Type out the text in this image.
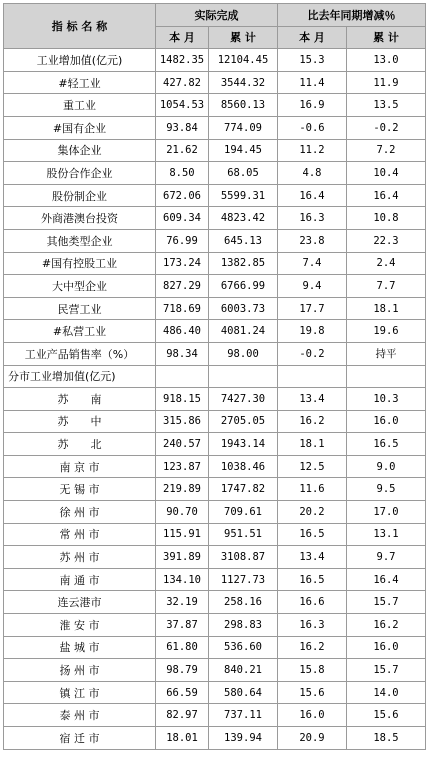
指 标 名 称	实际完成		比去年同期增减％	
	本 月	累 计	本 月	累 计
工业增加值(亿元)	1482.35	12104.45	15.3	13.0
#轻工业	427.82	3544.32	11.4	11.9
重工业	1054.53	8560.13	16.9	13.5
#国有企业	93.84	774.09	-0.6	-0.2
集体企业	21.62	194.45	11.2	7.2
股份合作企业	8.50	68.05	4.8	10.4
股份制企业	672.06	5599.31	16.4	16.4
外商港澳台投资	609.34	4823.42	16.3	10.8
其他类型企业	76.99	645.13	23.8	22.3
#国有控股工业	173.24	1382.85	7.4	2.4
大中型企业	827.29	6766.99	9.4	7.7
民营工业	718.69	6003.73	17.7	18.1
#私营工业	486.40	4081.24	19.8	19.6
工业产品销售率（%）	98.34	98.00	-0.2	持平
分市工业增加值(亿元)				
苏　　南	918.15	7427.30	13.4	10.3
苏　　中	315.86	2705.05	16.2	16.0
苏　　北	240.57	1943.14	18.1	16.5
南 京 市	123.87	1038.46	12.5	9.0
无 锡 市	219.89	1747.82	11.6	9.5
徐 州 市	90.70	709.61	20.2	17.0
常 州 市	115.91	951.51	16.5	13.1
苏 州 市	391.89	3108.87	13.4	9.7
南 通 市	134.10	1127.73	16.5	16.4
连云港市	32.19	258.16	16.6	15.7
淮 安 市	37.87	298.83	16.3	16.2
盐 城 市	61.80	536.60	16.2	16.0
扬 州 市	98.79	840.21	15.8	15.7
镇 江 市	66.59	580.64	15.6	14.0
泰 州 市	82.97	737.11	16.0	15.6
宿 迁 市	18.01	139.94	20.9	18.5
